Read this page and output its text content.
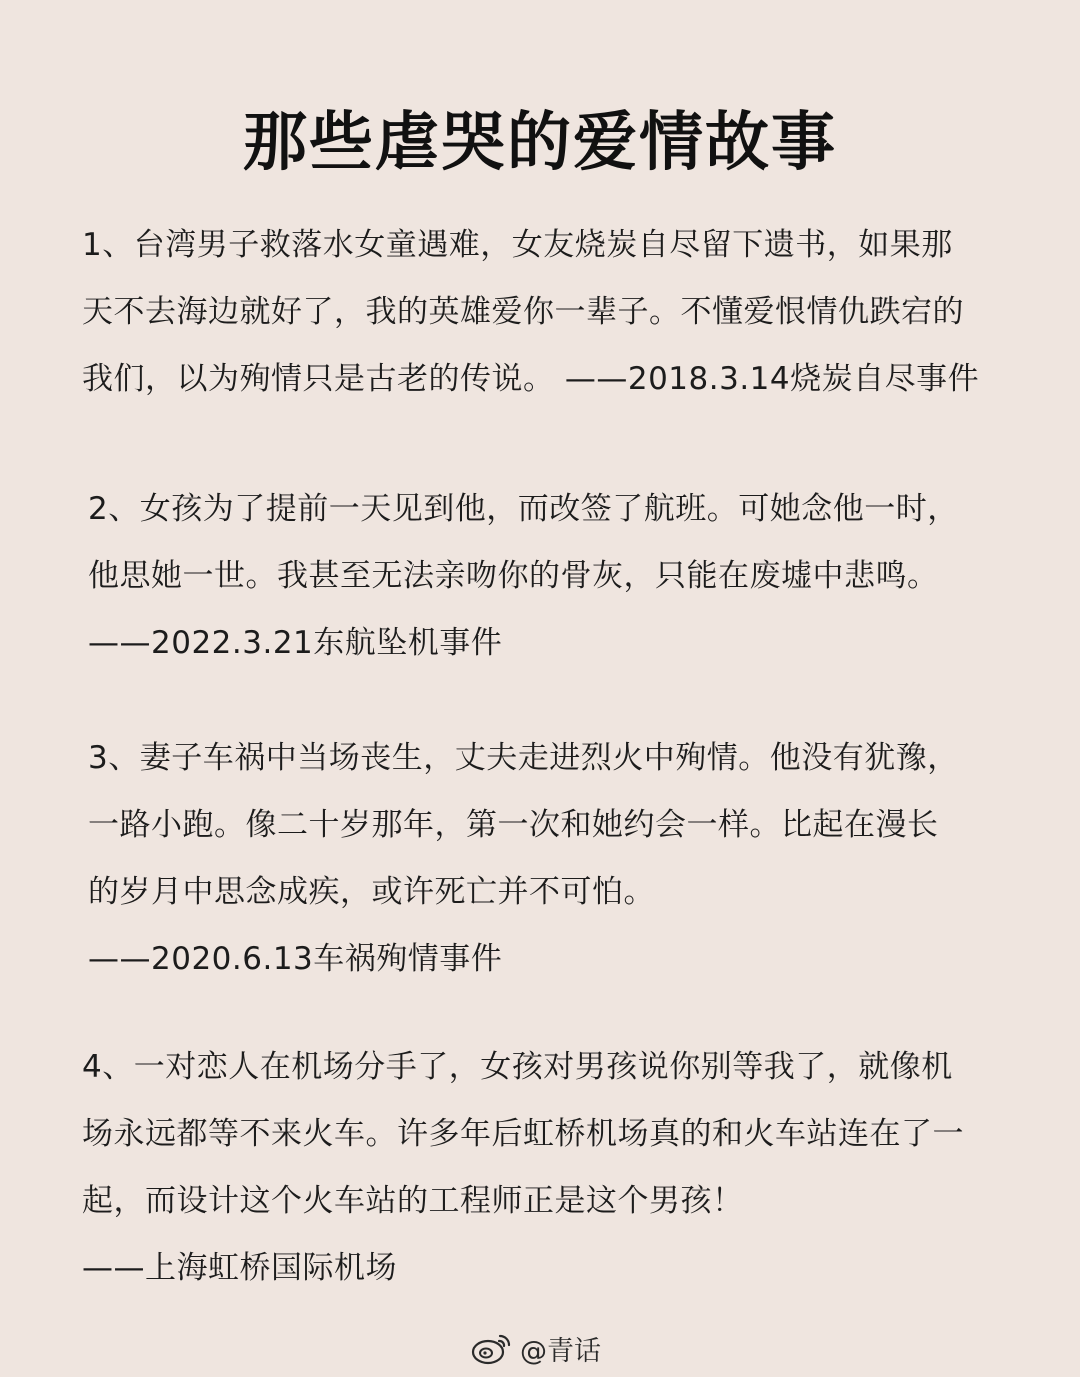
那些虐哭的爱情故事

1、台湾男子救落水女童遇难，女友烧炭自尽留下遗书，如果那

天不去海边就好了，我的英雄爱你一辈子。不懂爱恨情仇跌宕的

我们，以为殉情只是古老的传说。 ——2018.3.14烧炭自尽事件

2、女孩为了提前一天见到他，而改签了航班。可她念他一时，

他思她一世。我甚至无法亲吻你的骨灰，只能在废墟中悲鸣。

——2022.3.21东航坠机事件

3、妻子车祸中当场丧生，丈夫走进烈火中殉情。他没有犹豫，

一路小跑。像二十岁那年，第一次和她约会一样。比起在漫长

的岁月中思念成疾，或许死亡并不可怕。

——2020.6.13车祸殉情事件

4、一对恋人在机场分手了，女孩对男孩说你别等我了，就像机

场永远都等不来火车。许多年后虹桥机场真的和火车站连在了一

起，而设计这个火车站的工程师正是这个男孩！

——上海虹桥国际机场

@青话
